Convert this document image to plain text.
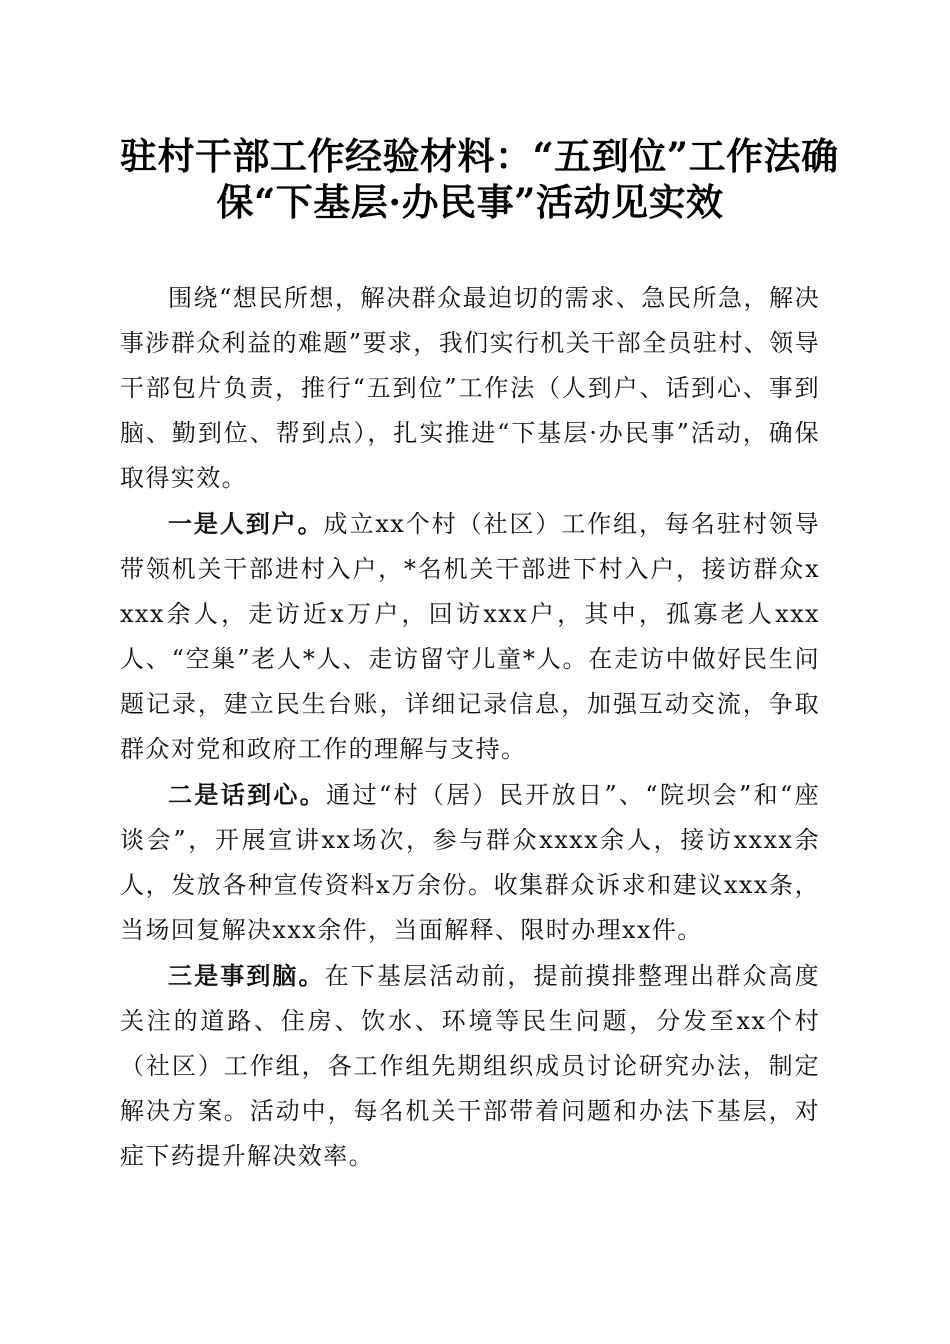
驻村干部工作经验材料：“五到位”工作法确
保“下基层·办民事”活动见实效

围绕“想民所想，解决群众最迫切的需求、急民所急，解决事涉群众利益的难题”要求，我们实行机关干部全员驻村、领导干部包片负责，推行“五到位”工作法（人到户、话到心、事到脑、勤到位、帮到点），扎实推进“下基层·办民事”活动，确保取得实效。

一是人到户。成立xx个村（社区）工作组，每名驻村领导带领机关干部进村入户，*名机关干部进下村入户，接访群众xxxx余人，走访近x万户，回访xxx户，其中，孤寡老人xxx人、“空巢”老人*人、走访留守儿童*人。在走访中做好民生问题记录，建立民生台账，详细记录信息，加强互动交流，争取群众对党和政府工作的理解与支持。

二是话到心。通过“村（居）民开放日”、“院坝会”和“座谈会”，开展宣讲xx场次，参与群众xxxx余人，接访xxxx余人，发放各种宣传资料x万余份。收集群众诉求和建议xxx条，当场回复解决xxx余件，当面解释、限时办理xx件。

三是事到脑。在下基层活动前，提前摸排整理出群众高度关注的道路、住房、饮水、环境等民生问题，分发至xx个村（社区）工作组，各工作组先期组织成员讨论研究办法，制定解决方案。活动中，每名机关干部带着问题和办法下基层，对症下药提升解决效率。
